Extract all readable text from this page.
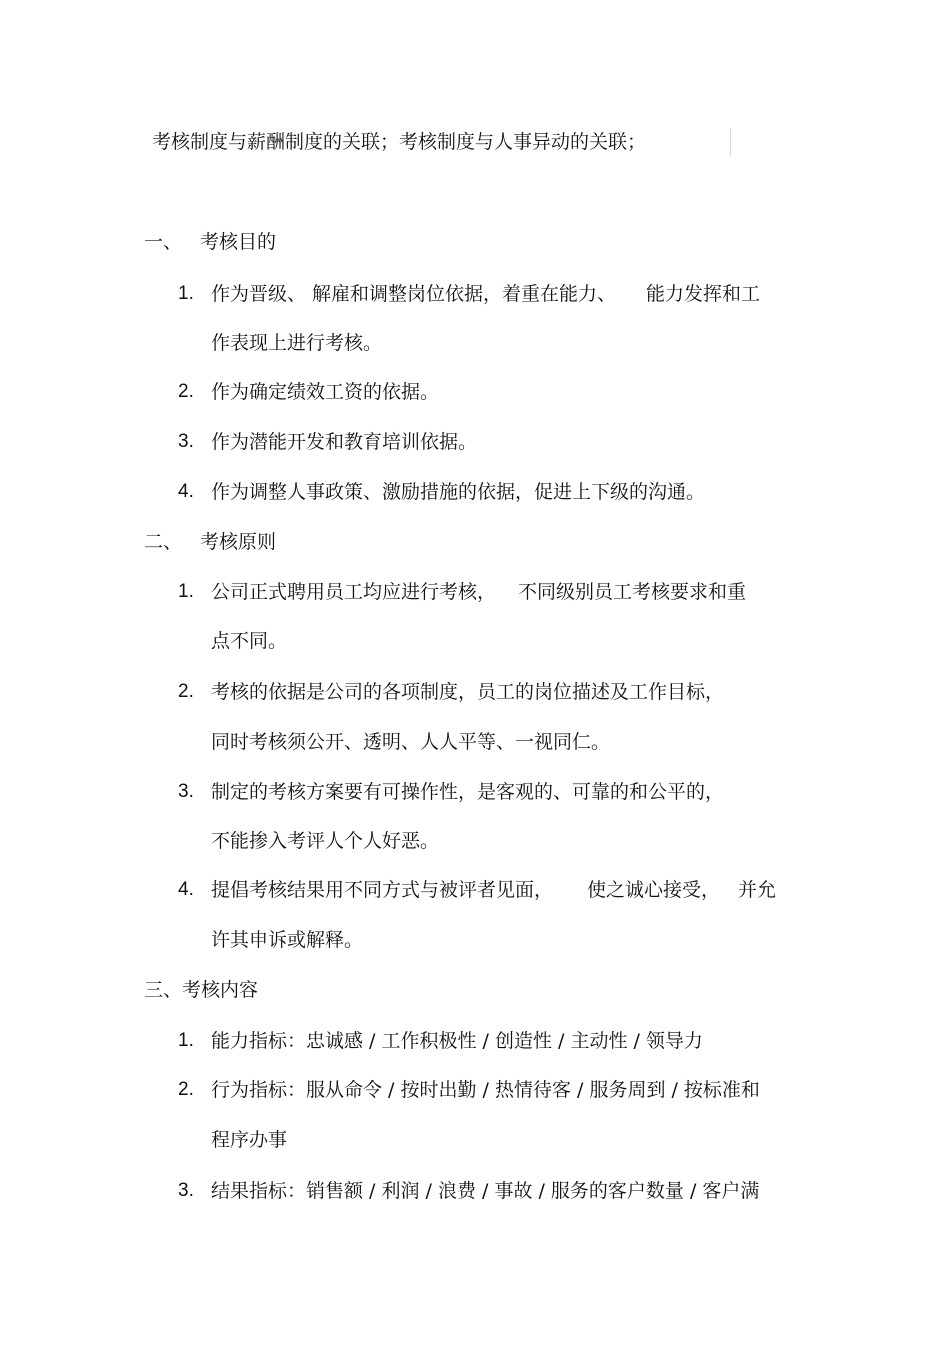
考核制度与薪酬制度的关联；考核制度与人事异动的关联；
一、 考核目的
1. 作为晋级、 解雇和调整岗位依据，着重在能力、 能力发挥和工
作表现上进行考核。
2. 作为确定绩效工资的依据。
3. 作为潜能开发和教育培训依据。
4. 作为调整人事政策、激励措施的依据，促进上下级的沟通。
二、 考核原则
1. 公司正式聘用员工均应进行考核， 不同级别员工考核要求和重
点不同。
2. 考核的依据是公司的各项制度，员工的岗位描述及工作目标，
同时考核须公开、透明、人人平等、一视同仁。
3. 制定的考核方案要有可操作性，是客观的、可靠的和公平的，
不能掺入考评人个人好恶。
4. 提倡考核结果用不同方式与被评者见面， 使之诚心接受， 并允
许其申诉或解释。
三、考核内容
1. 能力指标：忠诚感 / 工作积极性 / 创造性 / 主动性 / 领导力
2. 行为指标：服从命令 / 按时出勤 / 热情待客 / 服务周到 / 按标准和
程序办事
3. 结果指标：销售额 / 利润 / 浪费 / 事故 / 服务的客户数量 / 客户满
